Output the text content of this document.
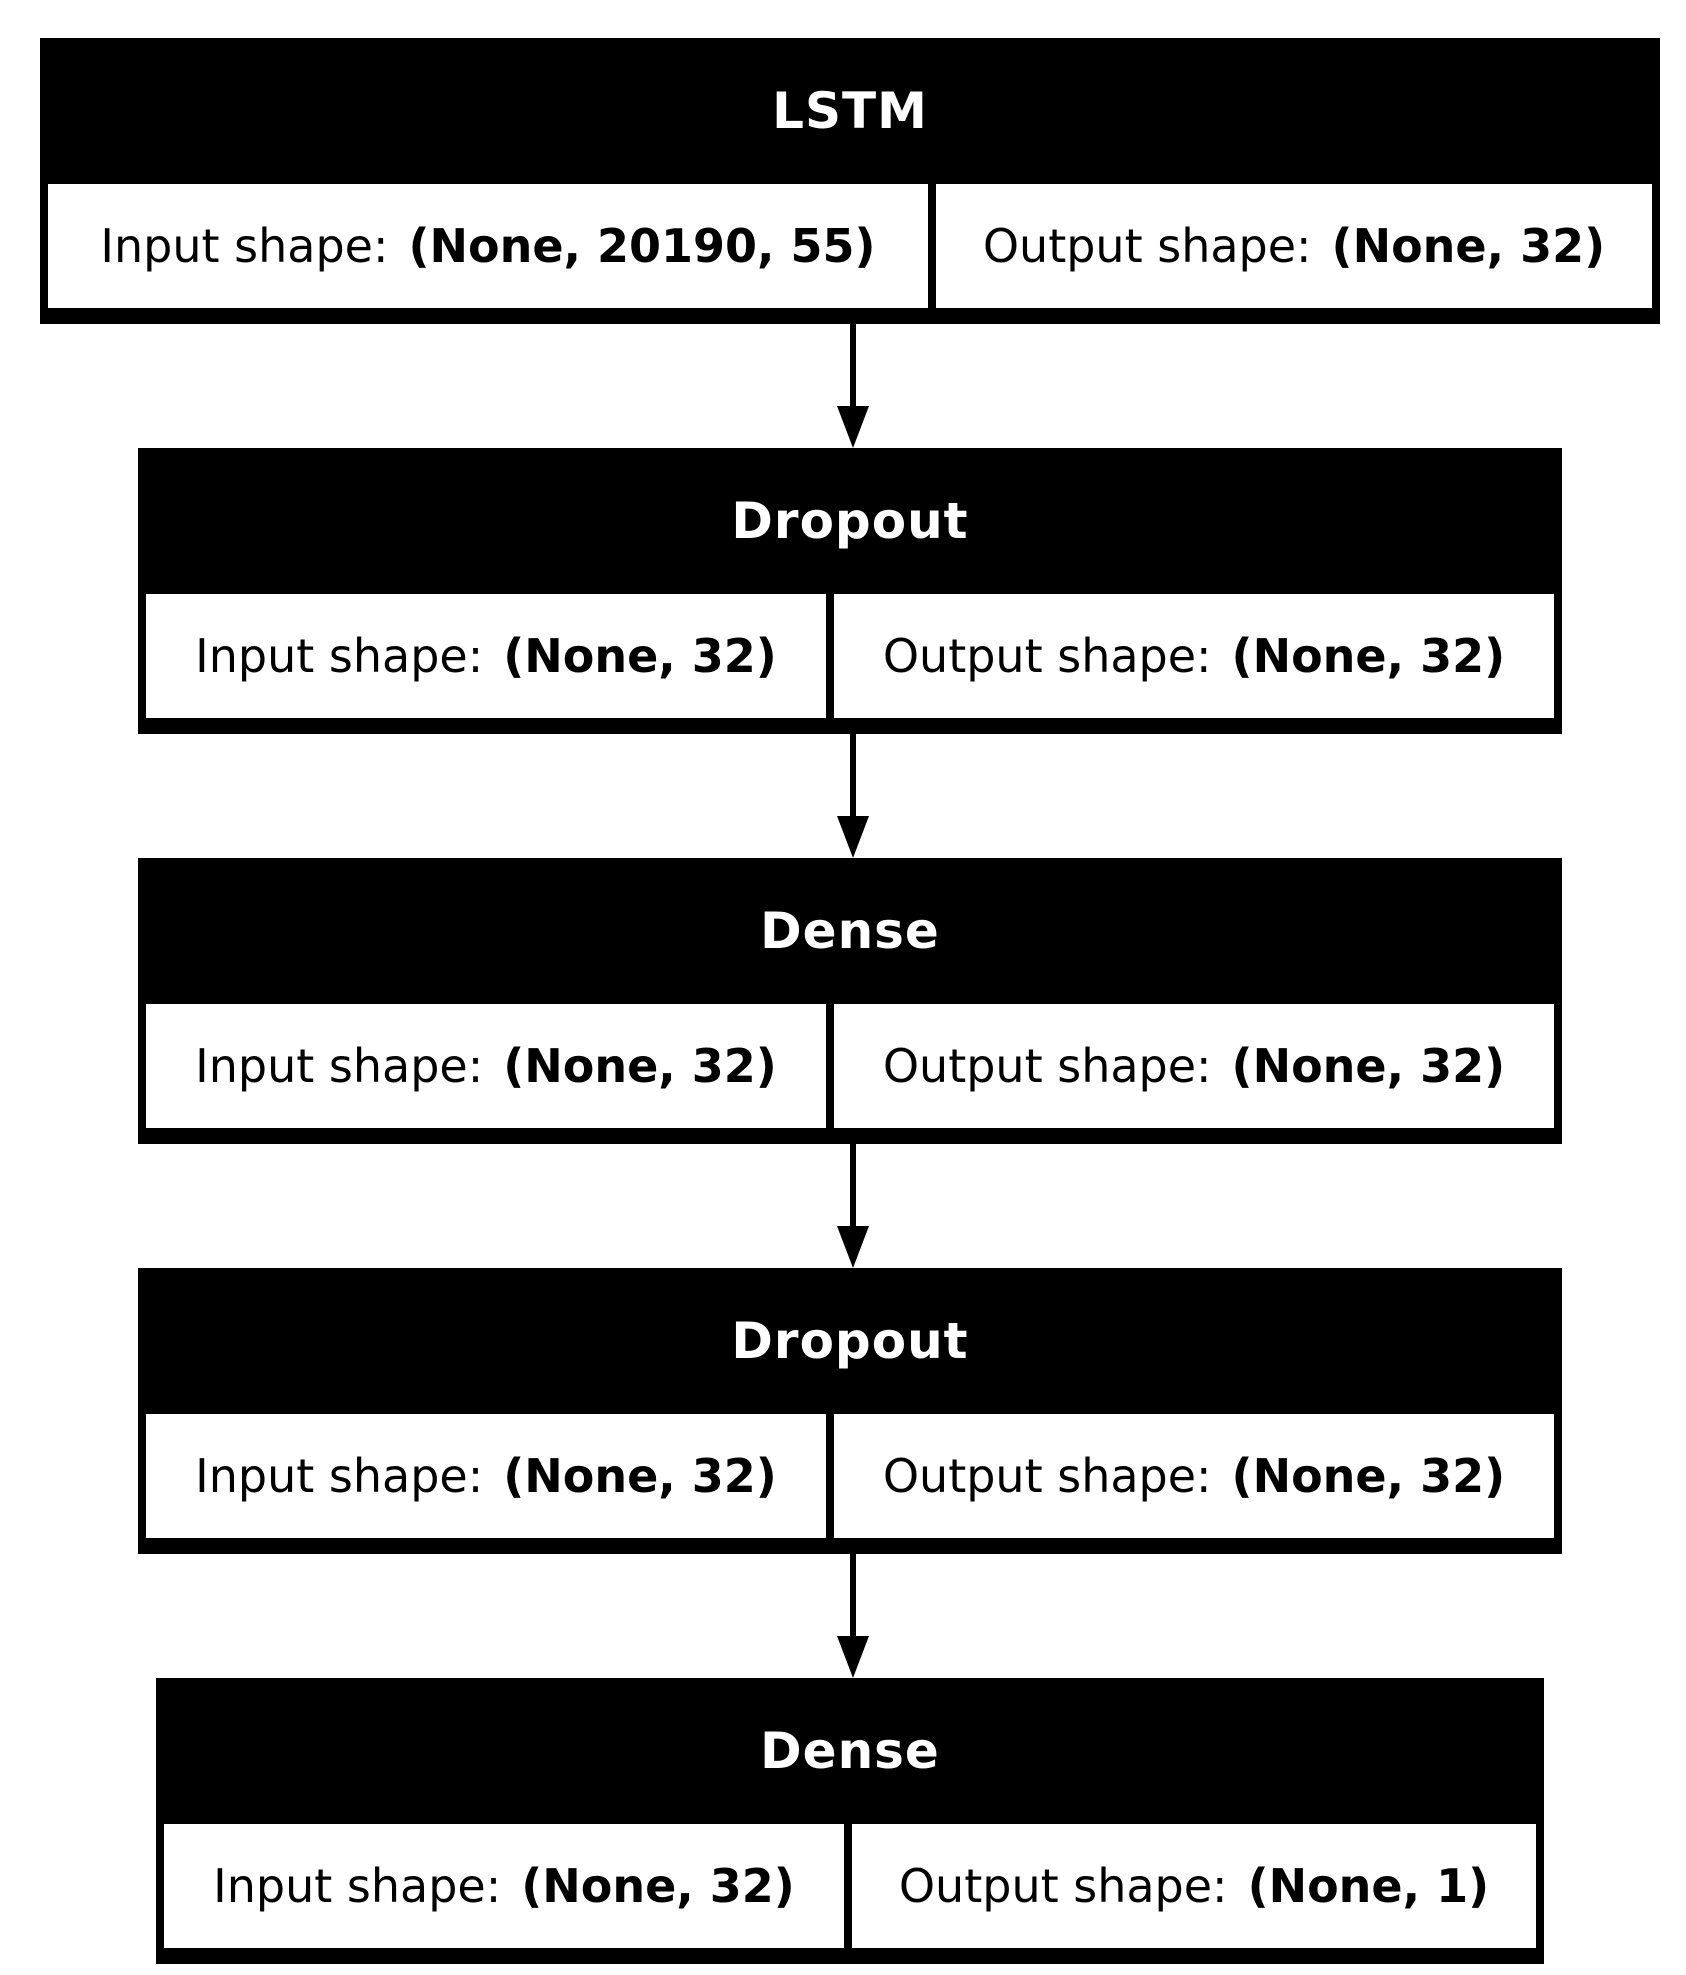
LSTM
Input shape: (None, 20190, 55) Output shape: (None, 32)
Dropout
Input shape: (None, 32) Output shape: (None, 32)
Dense
Input shape: (None, 32) Output shape: (None, 32)
Dropout
Input shape: (None, 32) Output shape: (None, 32)
Dense
Input shape: (None, 32) Output shape: (None, 1)
